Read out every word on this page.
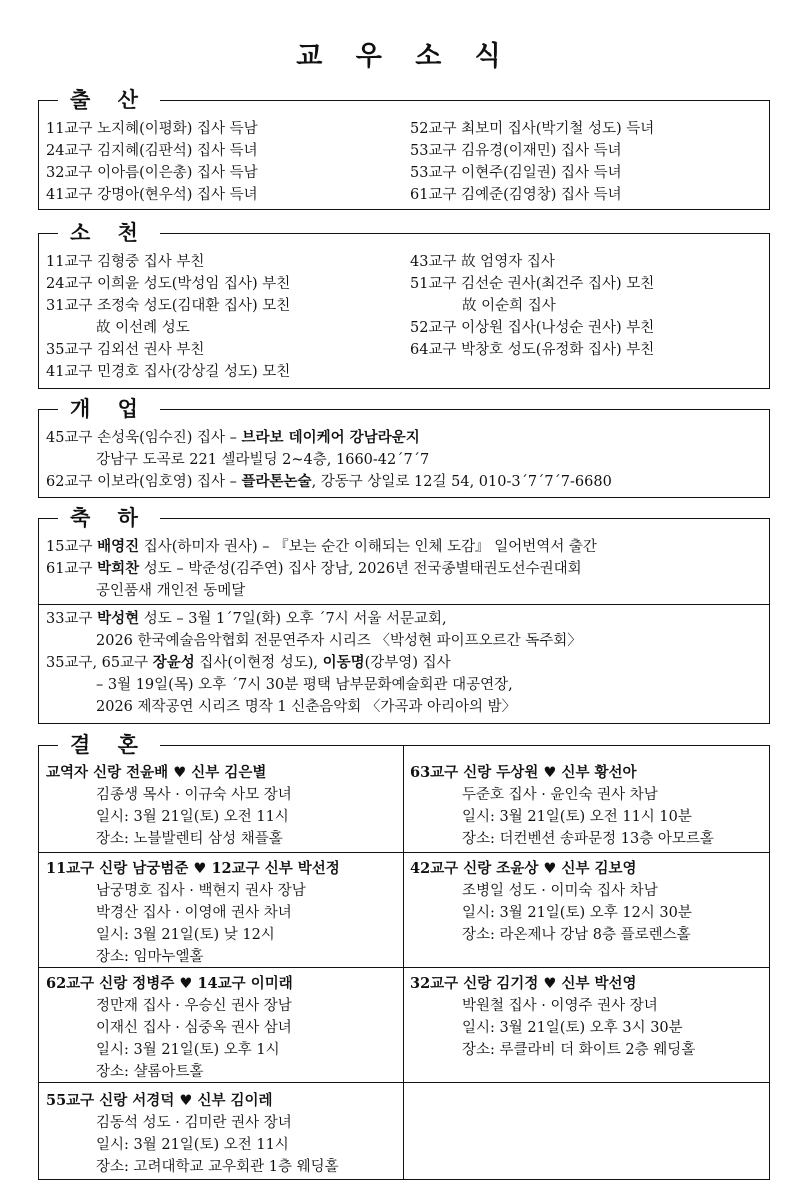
교 우 소 식
출 산
11교구 노지혜(이평화) 집사 득남
24교구 김지혜(김판석) 집사 득녀
32교구 이아름(이은총) 집사 득남
41교구 강명아(현우석) 집사 득녀
52교구 최보미 집사(박기철 성도) 득녀
53교구 김유경(이재민) 집사 득녀
53교구 이현주(김일권) 집사 득녀
61교구 김예준(김영창) 집사 득녀
소 천
11교구 김형중 집사 부친
24교구 이희윤 성도(박성임 집사) 부친
31교구 조정숙 성도(김대환 집사) 모친
故 이선례 성도
35교구 김외선 권사 부친
41교구 민경호 집사(강상길 성도) 모친
43교구 故 엄영자 집사
51교구 김선순 권사(최건주 집사) 모친
故 이순희 집사
52교구 이상원 집사(나성순 권사) 부친
64교구 박창호 성도(유정화 집사) 부친
개 업
45교구 손성욱(임수진) 집사 – 브라보 데이케어 강남라운지
강남구 도곡로 221 셀라빌딩 2~4층, 1660-42ˊ7ˊ7
62교구 이보라(임호영) 집사 – 플라톤논술, 강동구 상일로 12길 54, 010-3ˊ7ˊ7ˊ7-6680
축 하
15교구 배영진 집사(하미자 권사) – 『보는 순간 이해되는 인체 도감』 일어번역서 출간
61교구 박희찬 성도 – 박준성(김주연) 집사 장남, 2026년 전국종별태권도선수권대회
공인품새 개인전 동메달
33교구 박성현 성도 – 3월 1ˊ7일(화) 오후 ˊ7시 서울 서문교회,
2026 한국예술음악협회 전문연주자 시리즈 〈박성현 파이프오르간 독주회〉
35교구, 65교구 장윤성 집사(이현정 성도), 이동명(강부영) 집사
– 3월 19일(목) 오후 ˊ7시 30분 평택 남부문화예술회관 대공연장,
2026 제작공연 시리즈 명작 1 신춘음악회 〈가곡과 아리아의 밤〉
결 혼
교역자 신랑 전윤배 ♥ 신부 김은별
김종생 목사 · 이규숙 사모 장녀
일시: 3월 21일(토) 오전 11시
장소: 노블발렌티 삼성 채플홀
63교구 신랑 두상원 ♥ 신부 황선아
두준호 집사 · 윤인숙 권사 차남
일시: 3월 21일(토) 오전 11시 10분
장소: 더컨벤션 송파문정 13층 아모르홀
11교구 신랑 남궁범준 ♥ 12교구 신부 박선정
남궁명호 집사 · 백현지 권사 장남
박경산 집사 · 이영애 권사 차녀
일시: 3월 21일(토) 낮 12시
장소: 임마누엘홀
42교구 신랑 조윤상 ♥ 신부 김보영
조병일 성도 · 이미숙 집사 차남
일시: 3월 21일(토) 오후 12시 30분
장소: 라온제나 강남 8층 플로렌스홀
62교구 신랑 정병주 ♥ 14교구 이미래
정만재 집사 · 우승신 권사 장남
이재신 집사 · 심중옥 권사 삼녀
일시: 3월 21일(토) 오후 1시
장소: 샬롬아트홀
32교구 신랑 김기정 ♥ 신부 박선영
박원철 집사 · 이영주 권사 장녀
일시: 3월 21일(토) 오후 3시 30분
장소: 루클라비 더 화이트 2층 웨딩홀
55교구 신랑 서경덕 ♥ 신부 김이레
김동석 성도 · 김미란 권사 장녀
일시: 3월 21일(토) 오전 11시
장소: 고려대학교 교우회관 1층 웨딩홀
